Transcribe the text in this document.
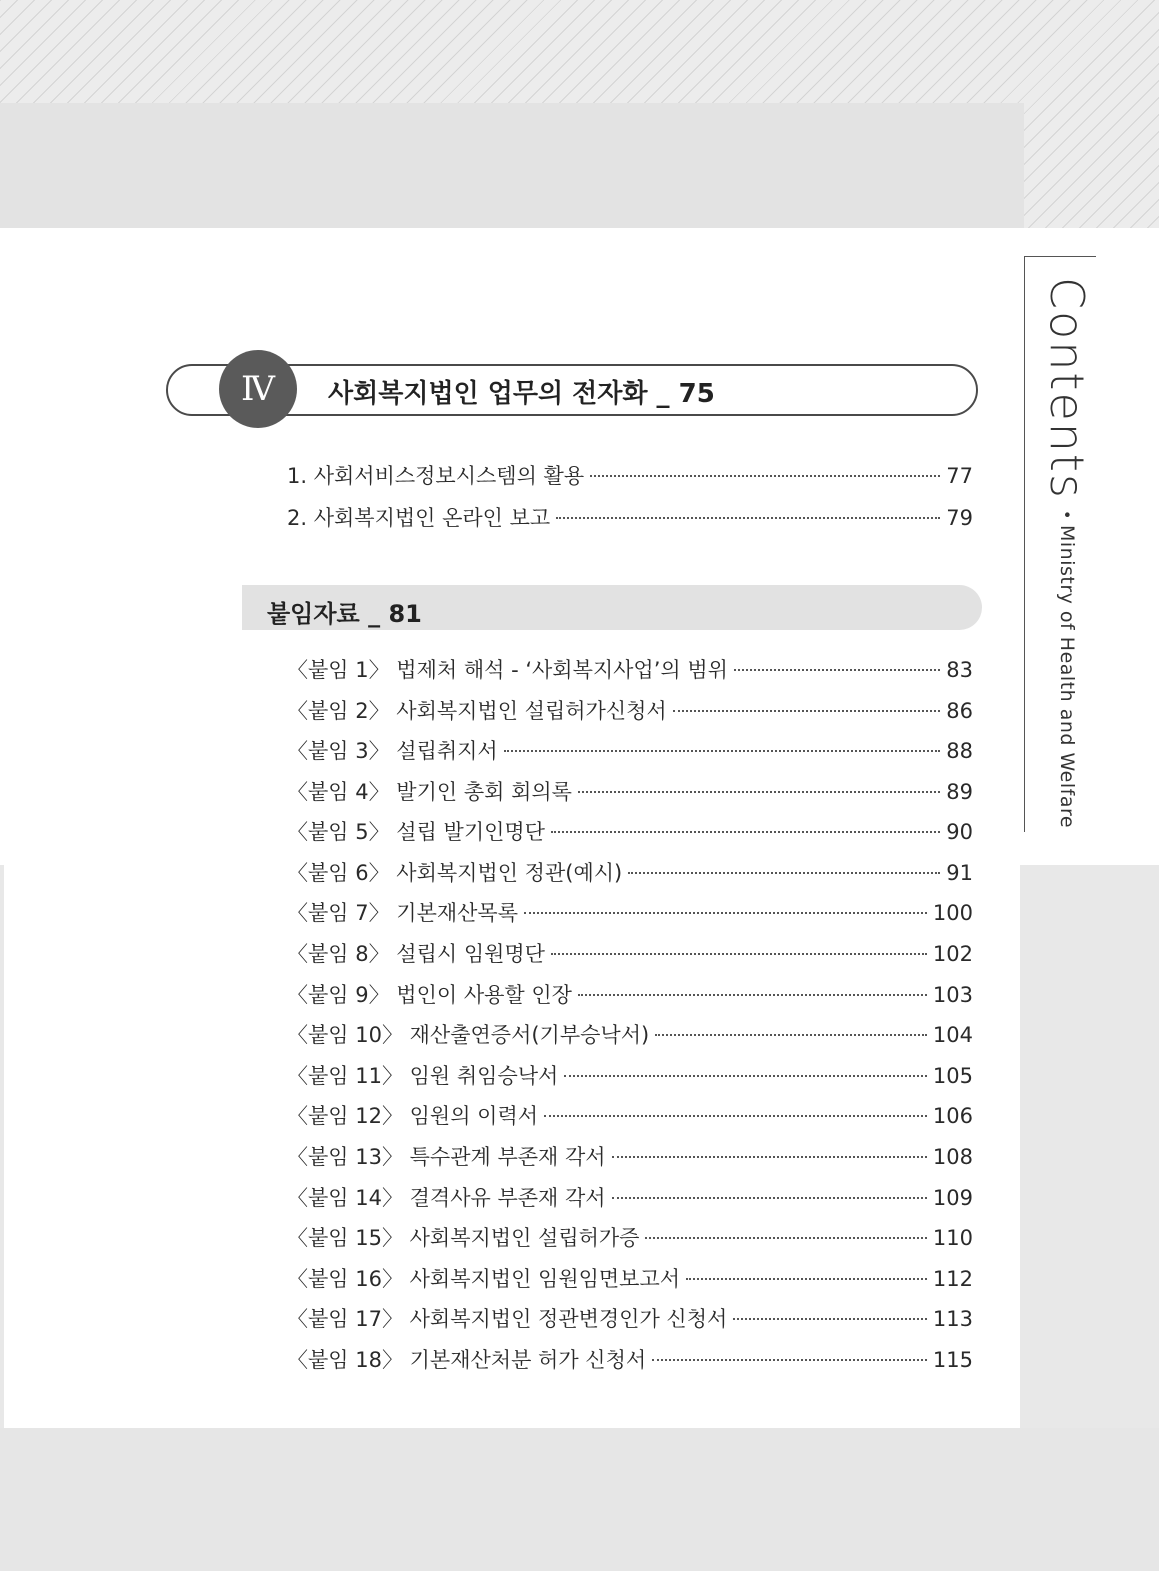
Contents
•
Ministry of Health and Welfare
Ⅳ 사회복지법인 업무의 전자화 _ 75
1. 사회서비스정보시스템의 활용	77
2. 사회복지법인 온라인 보고	79
붙임자료 _ 81
〈붙임 1〉 법제처 해석 - ‘사회복지사업’의 범위	83
〈붙임 2〉 사회복지법인 설립허가신청서	86
〈붙임 3〉 설립취지서	88
〈붙임 4〉 발기인 총회 회의록	89
〈붙임 5〉 설립 발기인명단	90
〈붙임 6〉 사회복지법인 정관(예시)	91
〈붙임 7〉 기본재산목록	100
〈붙임 8〉 설립시 임원명단	102
〈붙임 9〉 법인이 사용할 인장	103
〈붙임 10〉 재산출연증서(기부승낙서)	104
〈붙임 11〉 임원 취임승낙서	105
〈붙임 12〉 임원의 이력서	106
〈붙임 13〉 특수관계 부존재 각서	108
〈붙임 14〉 결격사유 부존재 각서	109
〈붙임 15〉 사회복지법인 설립허가증	110
〈붙임 16〉 사회복지법인 임원임면보고서	112
〈붙임 17〉 사회복지법인 정관변경인가 신청서	113
〈붙임 18〉 기본재산처분 허가 신청서	115
